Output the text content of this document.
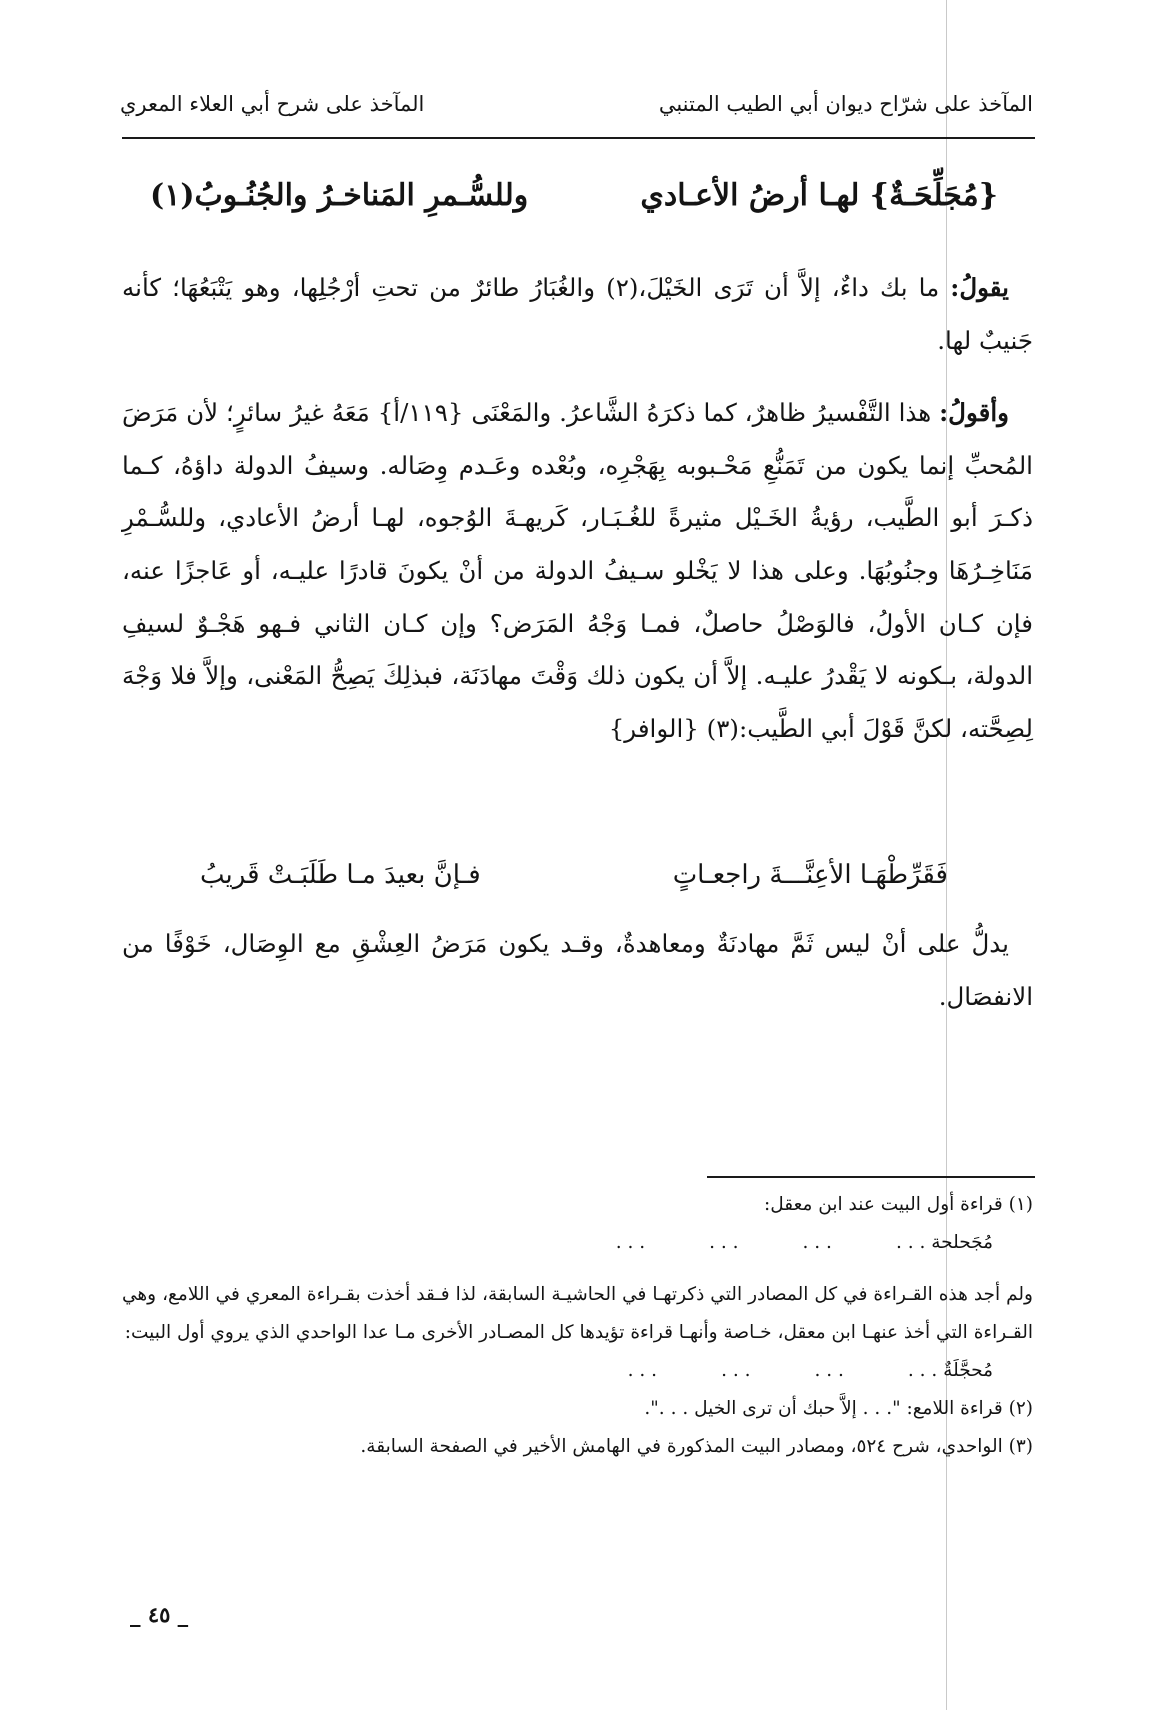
المآخذ على شرّاح ديوان أبي الطيب المتنبي
المآخذ على شرح أبي العلاء المعري
{مُجَلِّحَـةٌ} لهـا أرضُ الأعـادي
وللسُّـمرِ المَناخـرُ والجُنُـوبُ(١)

يقولُ: ما بك داءٌ، إلاَّ أن تَرَى الخَيْلَ،(٢) والغُبَارُ طائرٌ من تحتِ أرْجُلِها، وهو يَتْبَعُهَا؛ كأنه جَنيبٌ لها.

وأقولُ: هذا التَّفْسيرُ ظاهرٌ، كما ذكرَهُ الشَّاعرُ. والمَعْنَى {١١٩/أ} مَعَهُ غيرُ سائرٍ؛ لأن مَرَضَ المُحبِّ إنما يكون من تَمَنُّعِ مَحْـبوبه بِهَجْرِه، وبُعْده وعَـدم وِصَاله. وسيفُ الدولة داؤهُ، كـما ذكـرَ أبو الطَّيب، رؤيةُ الخَـيْل مثيرةً للغُـبَـار، كَريهـةَ الوُجوه، لهـا أرضُ الأعادي، وللسُّـمْرِ مَنَاخِـرُهَا وجنُوبُهَا. وعلى هذا لا يَخْلو سـيفُ الدولة من أنْ يكونَ قادرًا عليـه، أو عَاجزًا عنه، فإن كـان الأولُ، فالوَصْلُ حاصلٌ، فمـا وَجْهُ المَرَض؟ وإن كـان الثاني فـهو هَجْـوٌ لسيفِ الدولة، بـكونه لا يَقْدرُ عليـه. إلاَّ أن يكون ذلك وَقْتَ مهادَنَة، فبذلِكَ يَصِحُّ المَعْنى، وإلاَّ فلا وَجْهَ لِصِحَّته، لكنَّ قَوْلَ أبي الطَّيب:(٣) {الوافر}

فَقَرِّطْهَـا الأعِنَّـــةَ راجعـاتٍ
فـإنَّ بعيدَ مـا طَلَبَـتْ قَريبُ

يدلُّ على أنْ ليس ثَمَّ مهادنَةٌ ومعاهدةٌ، وقـد يكون مَرَضُ العِشْقِ مع الوِصَال، خَوْفًا من الانفصَال.

(١) قراءة أول البيت عند ابن معقل:

مُجَحلحة . . .
. . .
. . .
. . .

ولم أجد هذه القـراءة في كل المصادر التي ذكرتهـا في الحاشيـة السابقة، لذا فـقد أخذت بقـراءة المعري في اللامع، وهي القـراءة التي أخذ عنهـا ابن معقل، خـاصة وأنهـا قراءة تؤيدها كل المصـادر الأخرى مـا عدا الواحدي الذي يروي أول البيت:

مُحجَّلَةٌ . . .
. . .
. . .
. . .

(٢) قراءة اللامع: ". . . إلاَّ حبك أن ترى الخيل . . .".

(٣) الواحدي، شرح ٥٢٤، ومصادر البيت المذكورة في الهامش الأخير في الصفحة السابقة.

_ ٤٥ _
